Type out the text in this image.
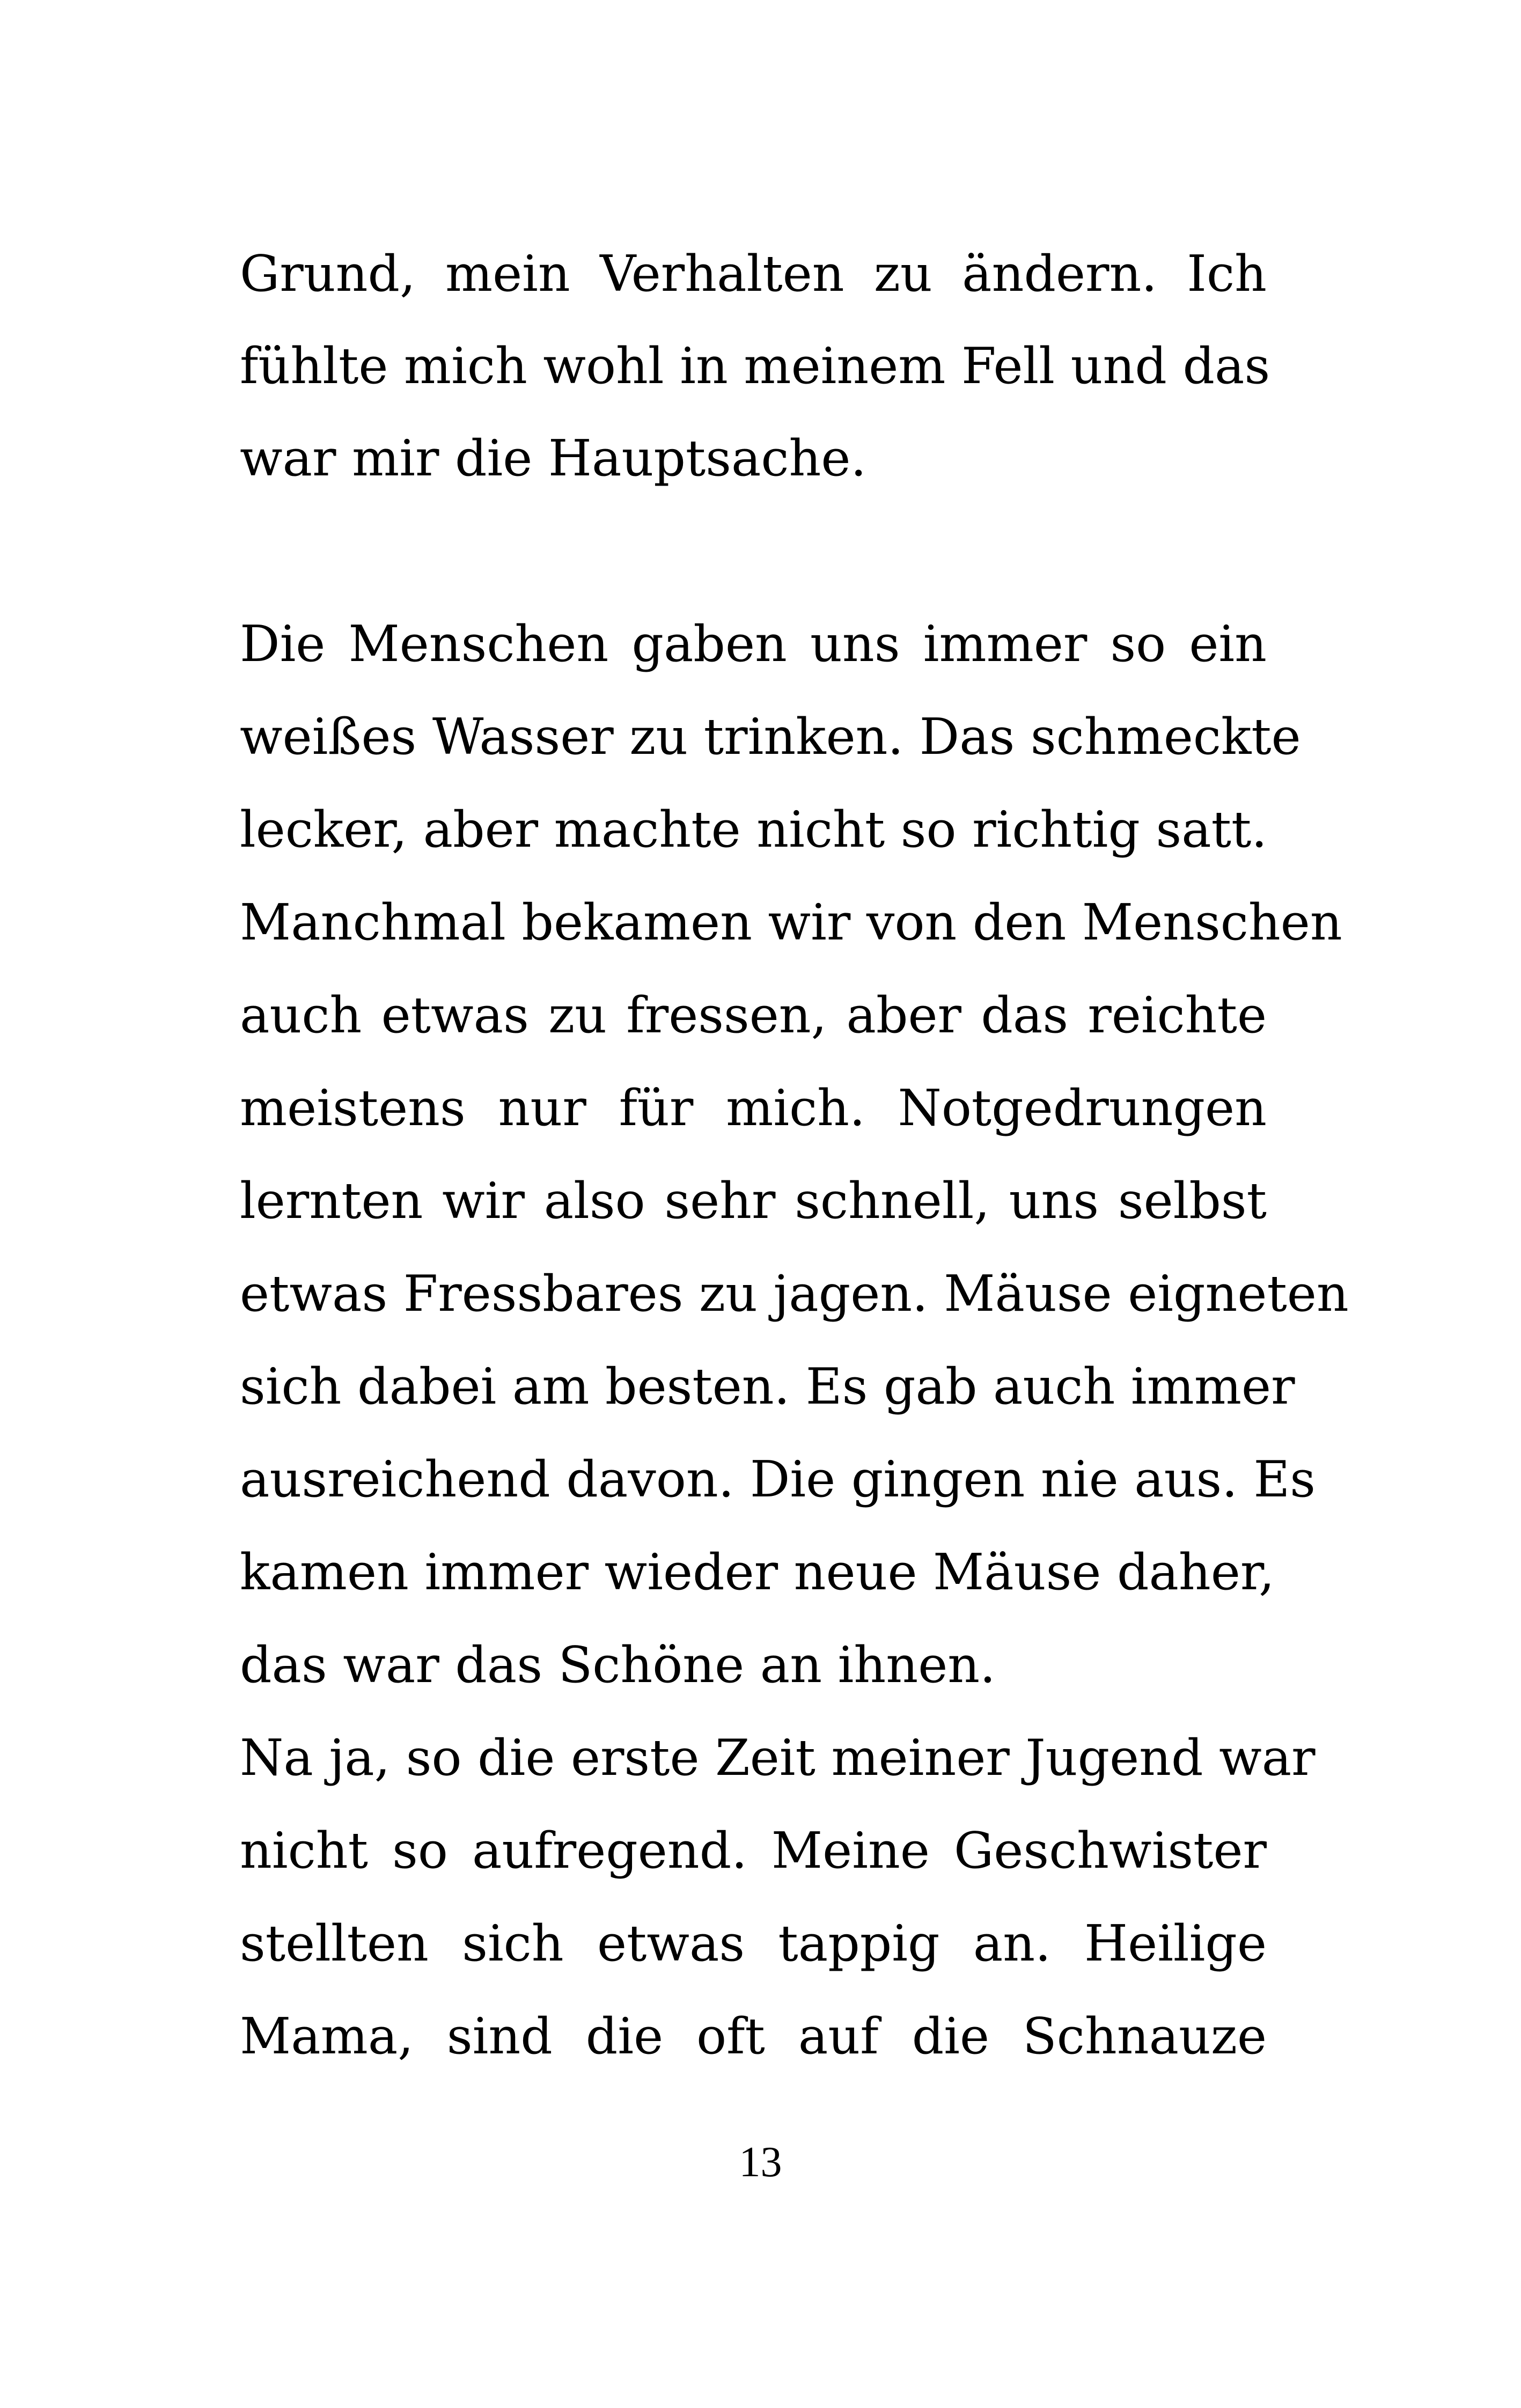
Grund, mein Verhalten zu ändern. Ich
fühlte mich wohl in meinem Fell und das
war mir die Hauptsache.
Die Menschen gaben uns immer so ein
weißes Wasser zu trinken. Das schmeckte
lecker, aber machte nicht so richtig satt.
Manchmal bekamen wir von den Menschen
auch etwas zu fressen, aber das reichte
meistens nur für mich. Notgedrungen
lernten wir also sehr schnell, uns selbst
etwas Fressbares zu jagen. Mäuse eigneten
sich dabei am besten. Es gab auch immer
ausreichend davon. Die gingen nie aus. Es
kamen immer wieder neue Mäuse daher,
das war das Schöne an ihnen.
Na ja, so die erste Zeit meiner Jugend war
nicht so aufregend. Meine Geschwister
stellten sich etwas tappig an. Heilige
Mama, sind die oft auf die Schnauze
13
